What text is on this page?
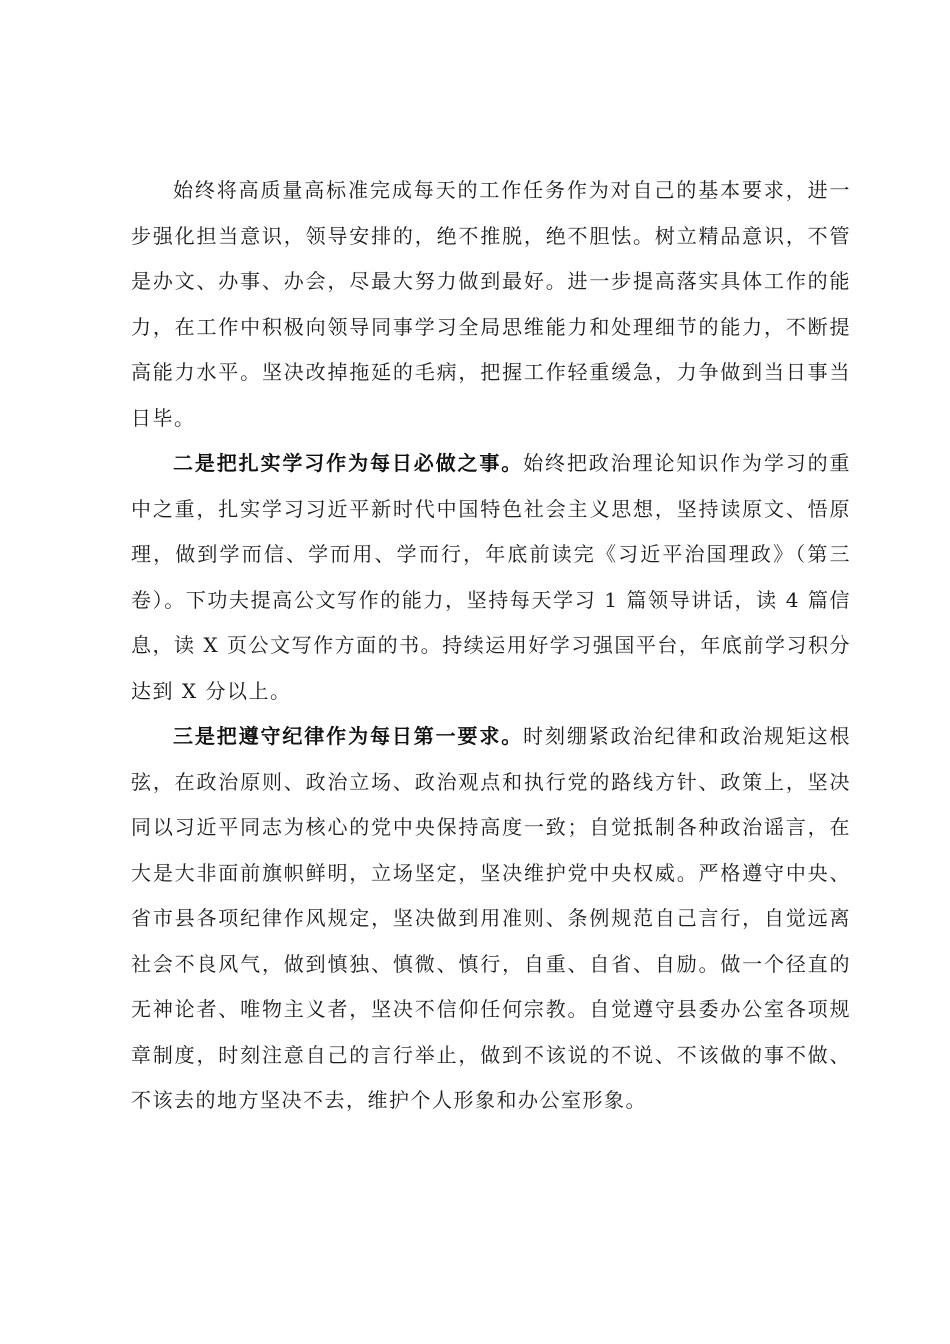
始终将高质量高标准完成每天的工作任务作为对自己的基本要求，进一步强化担当意识，领导安排的，绝不推脱，绝不胆怯。树立精品意识，不管是办文、办事、办会，尽最大努力做到最好。进一步提高落实具体工作的能力，在工作中积极向领导同事学习全局思维能力和处理细节的能力，不断提高能力水平。坚决改掉拖延的毛病，把握工作轻重缓急，力争做到当日事当日毕。

二是把扎实学习作为每日必做之事。始终把政治理论知识作为学习的重中之重，扎实学习习近平新时代中国特色社会主义思想，坚持读原文、悟原理，做到学而信、学而用、学而行，年底前读完《习近平治国理政》（第三卷）。下功夫提高公文写作的能力，坚持每天学习 1 篇领导讲话，读 4 篇信息，读 X 页公文写作方面的书。持续运用好学习强国平台，年底前学习积分达到 X 分以上。

三是把遵守纪律作为每日第一要求。时刻绷紧政治纪律和政治规矩这根弦，在政治原则、政治立场、政治观点和执行党的路线方针、政策上，坚决同以习近平同志为核心的党中央保持高度一致；自觉抵制各种政治谣言，在大是大非面前旗帜鲜明，立场坚定，坚决维护党中央权威。严格遵守中央、省市县各项纪律作风规定，坚决做到用准则、条例规范自己言行，自觉远离社会不良风气，做到慎独、慎微、慎行，自重、自省、自励。做一个径直的无神论者、唯物主义者，坚决不信仰任何宗教。自觉遵守县委办公室各项规章制度，时刻注意自己的言行举止，做到不该说的不说、不该做的事不做、不该去的地方坚决不去，维护个人形象和办公室形象。
